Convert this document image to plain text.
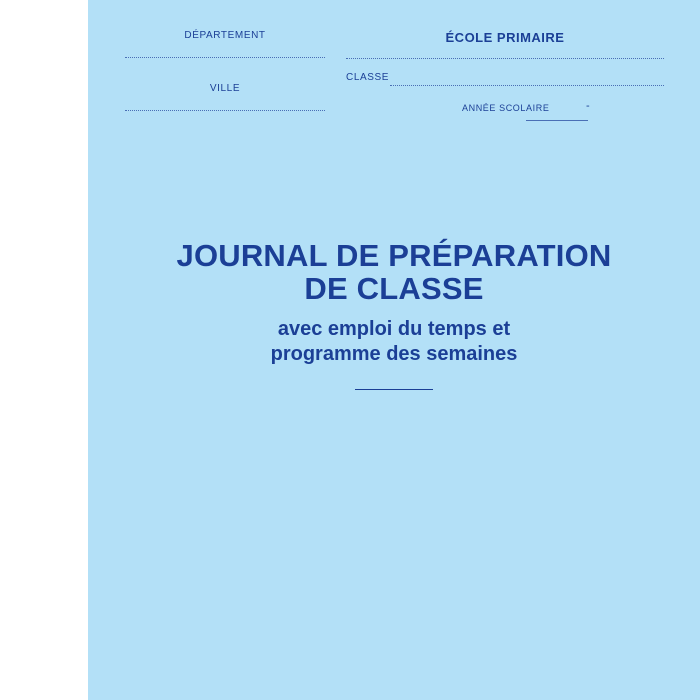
DÉPARTEMENT
VILLE
ÉCOLE PRIMAIRE
CLASSE
ANNÉE SCOLAIRE	-
JOURNAL DE PRÉPARATION
DE CLASSE
avec emploi du temps et
programme des semaines
